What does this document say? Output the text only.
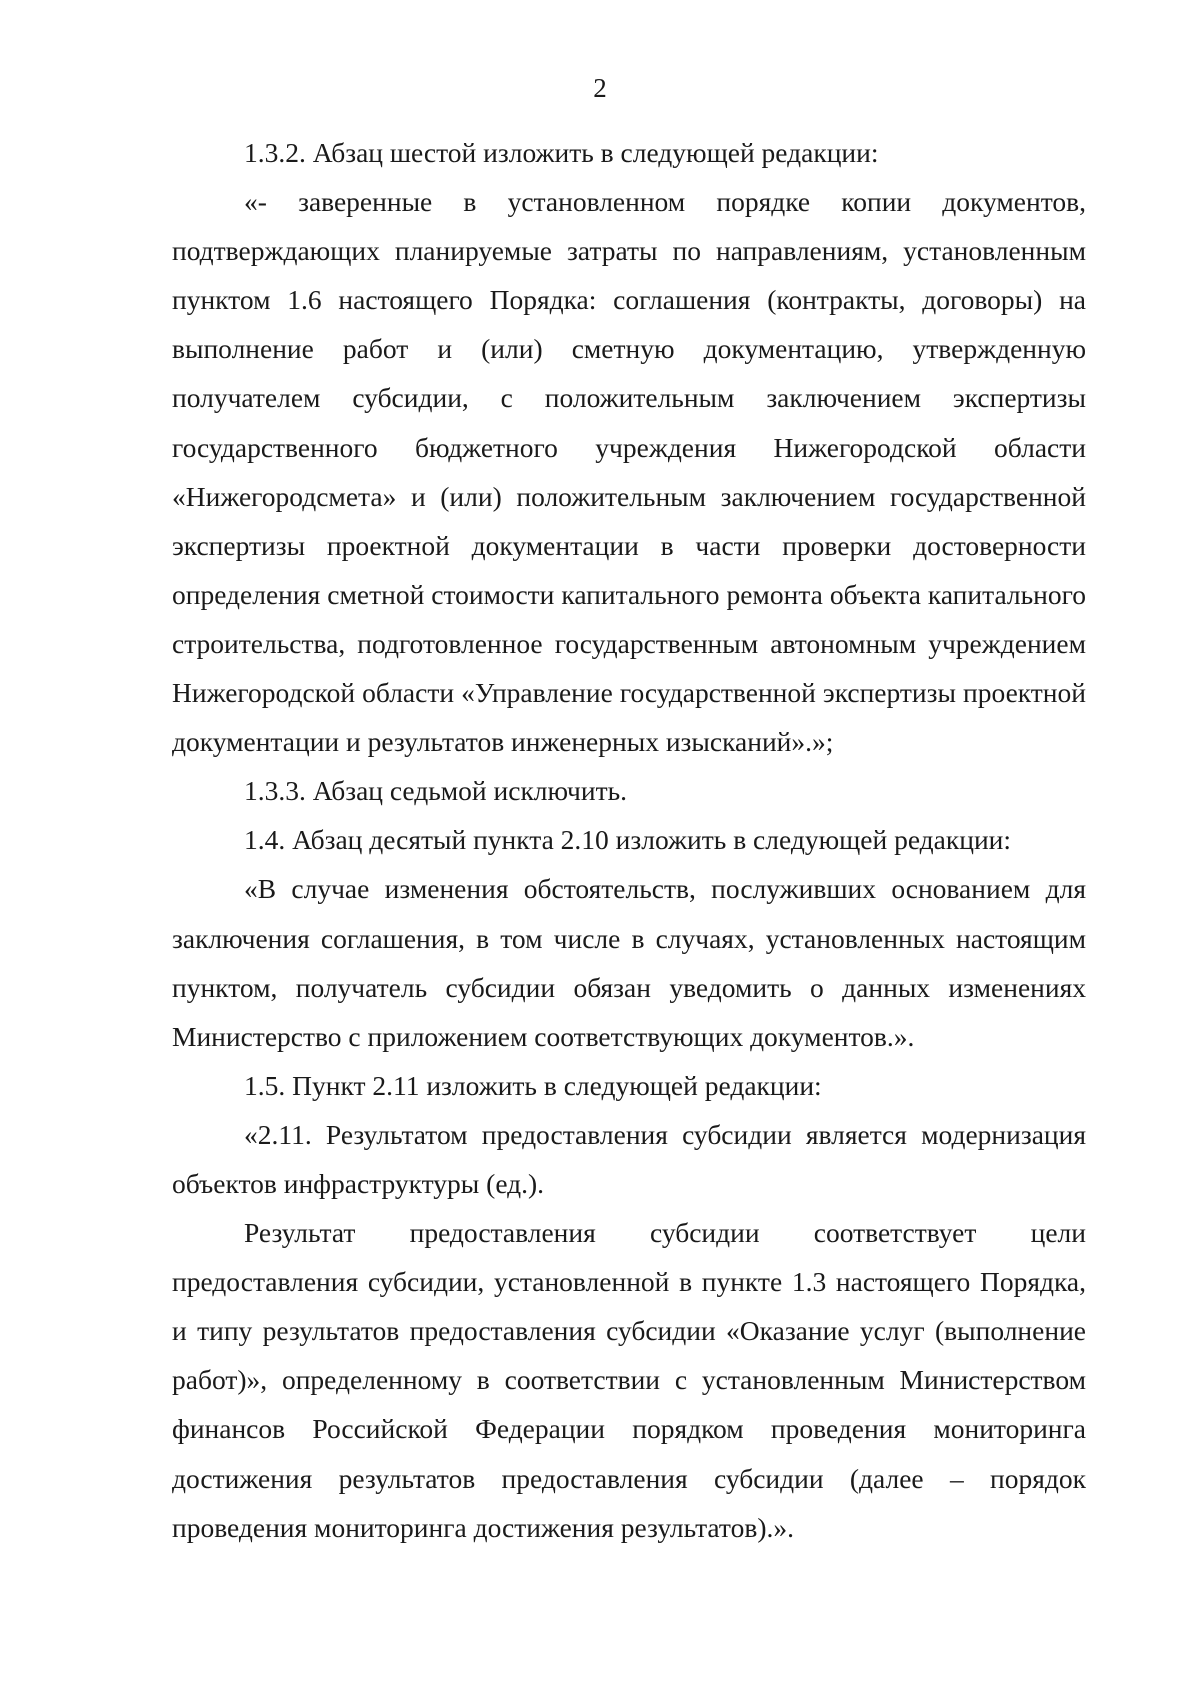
2

1.3.2. Абзац шестой изложить в следующей редакции:

«- заверенные в установленном порядке копии документов, подтверждающих планируемые затраты по направлениям, установленным пунктом 1.6 настоящего Порядка: соглашения (контракты, договоры) на выполнение работ и (или) сметную документацию, утвержденную получателем субсидии, с положительным заключением экспертизы государственного бюджетного учреждения Нижегородской области «Нижегородсмета» и (или) положительным заключением государственной экспертизы проектной документации в части проверки достоверности определения сметной стоимости капитального ремонта объекта капитального строительства, подготовленное государственным автономным учреждением Нижегородской области «Управление государственной экспертизы проектной документации и результатов инженерных изысканий».»;

1.3.3. Абзац седьмой исключить.

1.4. Абзац десятый пункта 2.10 изложить в следующей редакции:

«В случае изменения обстоятельств, послуживших основанием для заключения соглашения, в том числе в случаях, установленных настоящим пунктом, получатель субсидии обязан уведомить о данных изменениях Министерство с приложением соответствующих документов.».

1.5. Пункт 2.11 изложить в следующей редакции:

«2.11. Результатом предоставления субсидии является модернизация объектов инфраструктуры (ед.).

Результат предоставления субсидии соответствует цели предоставления субсидии, установленной в пункте 1.3 настоящего Порядка, и типу результатов предоставления субсидии «Оказание услуг (выполнение работ)», определенному в соответствии с установленным Министерством финансов Российской Федерации порядком проведения мониторинга достижения результатов предоставления субсидии (далее – порядок проведения мониторинга достижения результатов).».
